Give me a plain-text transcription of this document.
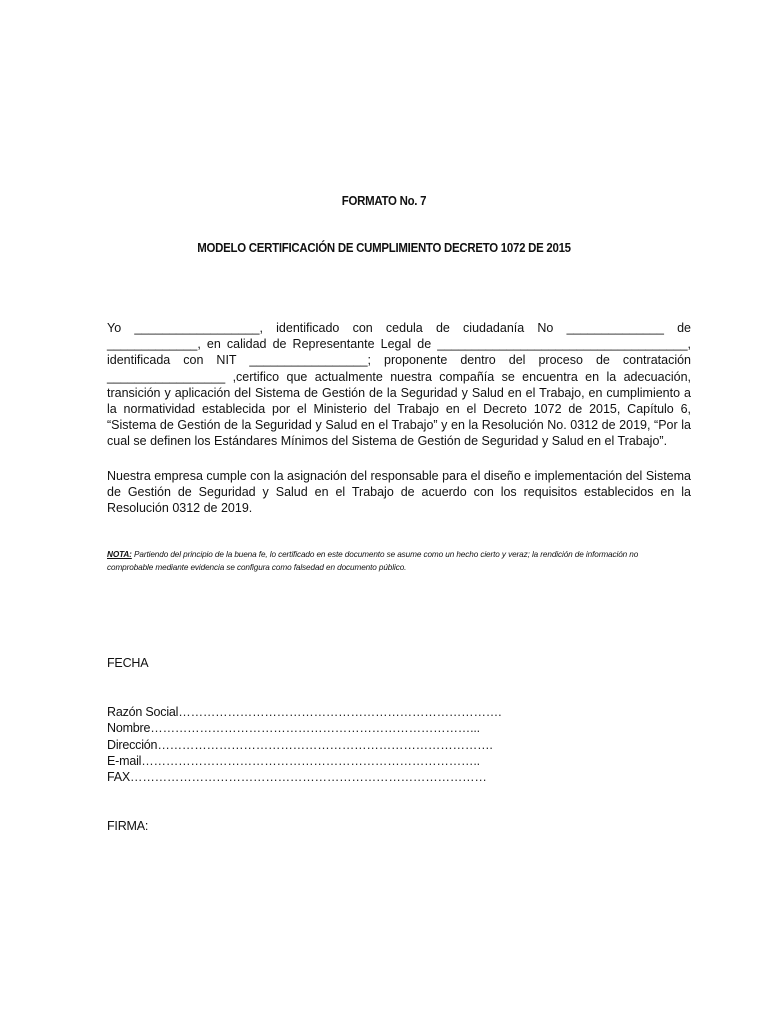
FORMATO No. 7
MODELO CERTIFICACIÓN DE CUMPLIMIENTO DECRETO 1072 DE 2015
Yo __________________, identificado con cedula de ciudadanía No ______________ de _____________, en calidad de Representante Legal de ____________________________________, identificada con NIT _________________; proponente dentro del proceso de contratación _________________ ,certifico que actualmente nuestra compañía se encuentra en la adecuación, transición y aplicación del Sistema de Gestión de la Seguridad y Salud en el Trabajo, en cumplimiento a la normatividad establecida por el Ministerio del Trabajo en el Decreto 1072 de 2015, Capítulo 6, “Sistema de Gestión de la Seguridad y Salud en el Trabajo” y en la Resolución No. 0312 de 2019, “Por la cual se definen los Estándares Mínimos del Sistema de Gestión de Seguridad y Salud en el Trabajo”.
Nuestra empresa cumple con la asignación del responsable para el diseño e implementación del Sistema de Gestión de Seguridad y Salud en el Trabajo de acuerdo con los requisitos establecidos en la Resolución 0312 de 2019.
NOTA: Partiendo del principio de la buena fe, lo certificado en este documento se asume como un hecho cierto y veraz; la rendición de información no comprobable mediante evidencia se configura como falsedad en documento público.
FECHA
Razón Social…………………………………………………………………….
Nombre……………………………………………………………………...
Dirección……………………………………………………………………….
E-mail………………………………………………………………………..
FAX……………………………………………………………………………
FIRMA:
